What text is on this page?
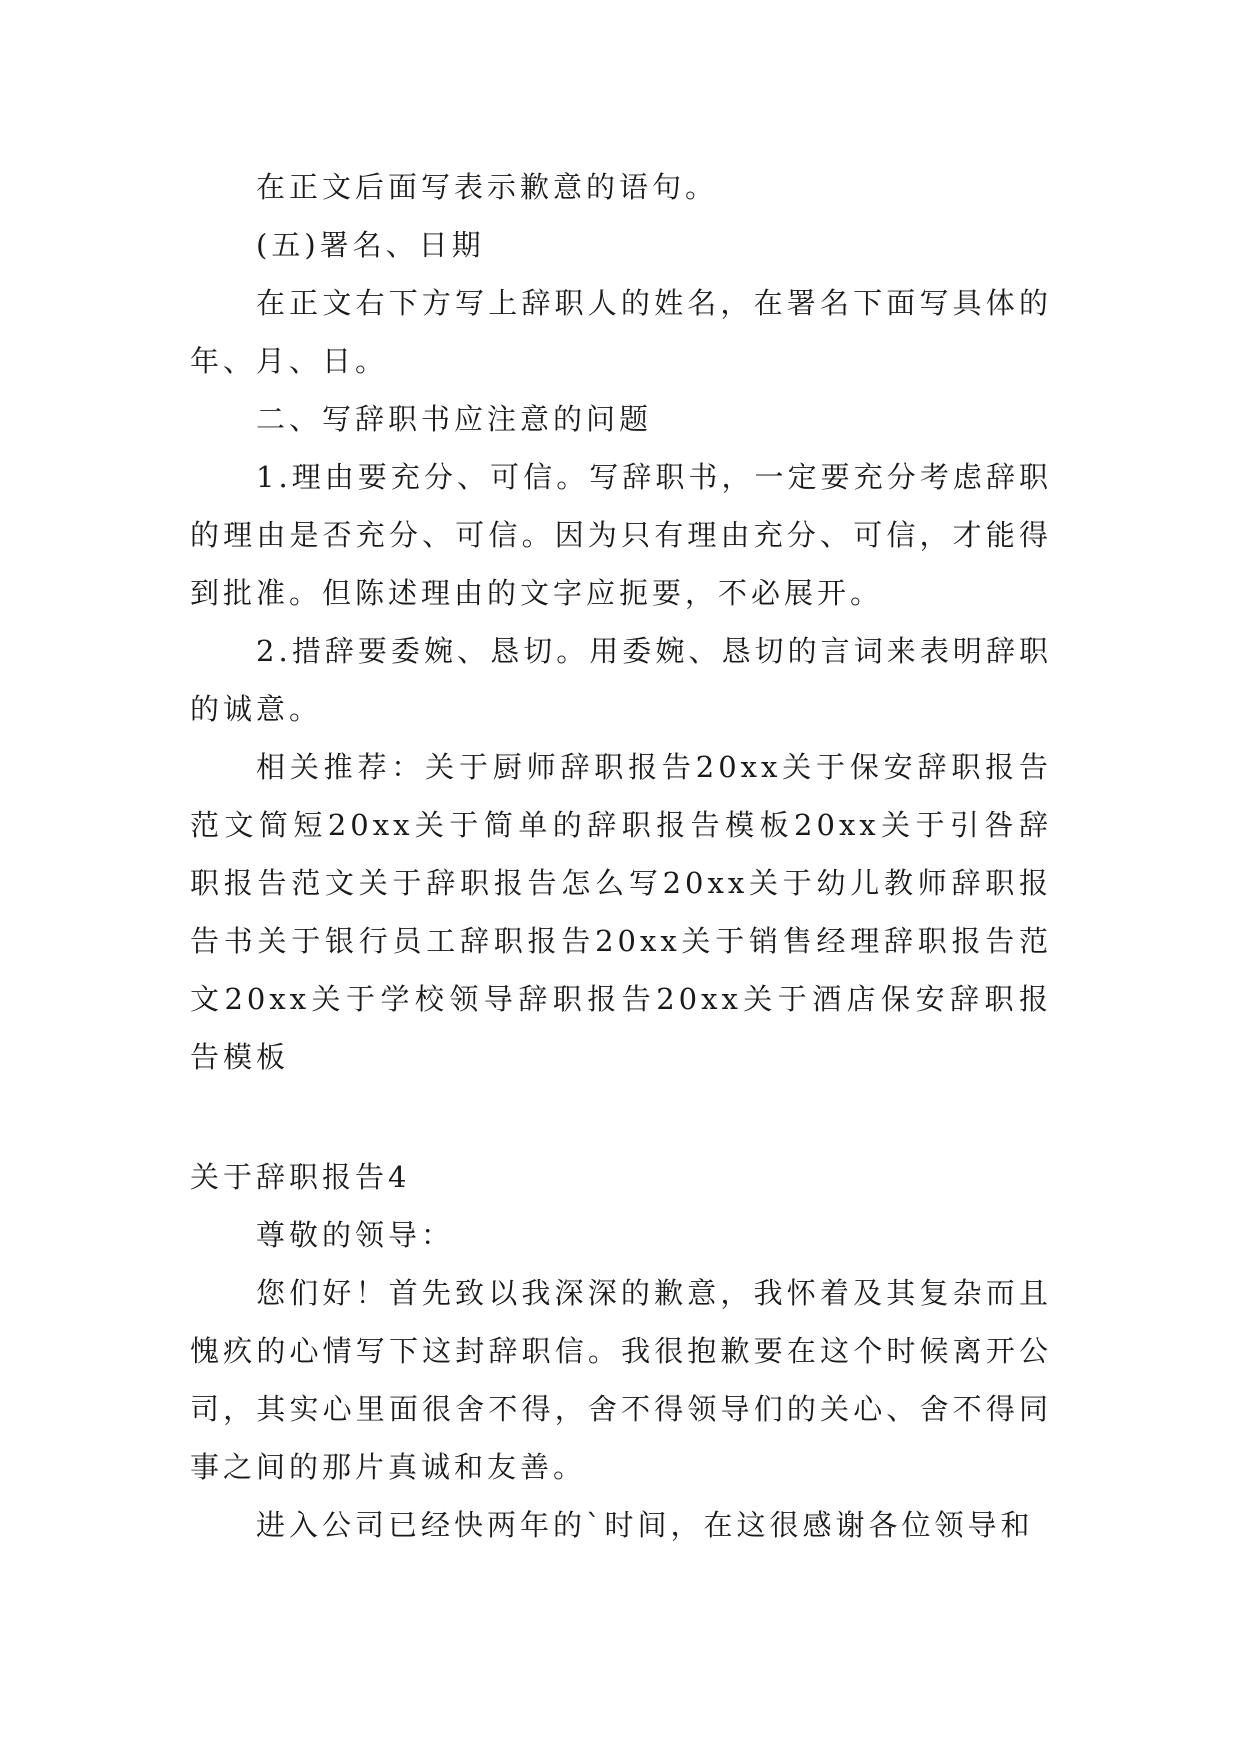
在正文后面写表示歉意的语句。

(五)署名、日期

在正文右下方写上辞职人的姓名，在署名下面写具体的年、月、日。

二、写辞职书应注意的问题

1.理由要充分、可信。写辞职书，一定要充分考虑辞职的理由是否充分、可信。因为只有理由充分、可信，才能得到批准。但陈述理由的文字应扼要，不必展开。

2.措辞要委婉、恳切。用委婉、恳切的言词来表明辞职的诚意。

相关推荐：关于厨师辞职报告20xx关于保安辞职报告范文简短20xx关于简单的辞职报告模板20xx关于引咎辞职报告范文关于辞职报告怎么写20xx关于幼儿教师辞职报告书关于银行员工辞职报告20xx关于销售经理辞职报告范文20xx关于学校领导辞职报告20xx关于酒店保安辞职报告模板

关于辞职报告4

尊敬的领导：

您们好！首先致以我深深的歉意，我怀着及其复杂而且愧疚的心情写下这封辞职信。我很抱歉要在这个时候离开公司，其实心里面很舍不得，舍不得领导们的关心、舍不得同事之间的那片真诚和友善。

进入公司已经快两年的`时间，在这很感谢各位领导和
